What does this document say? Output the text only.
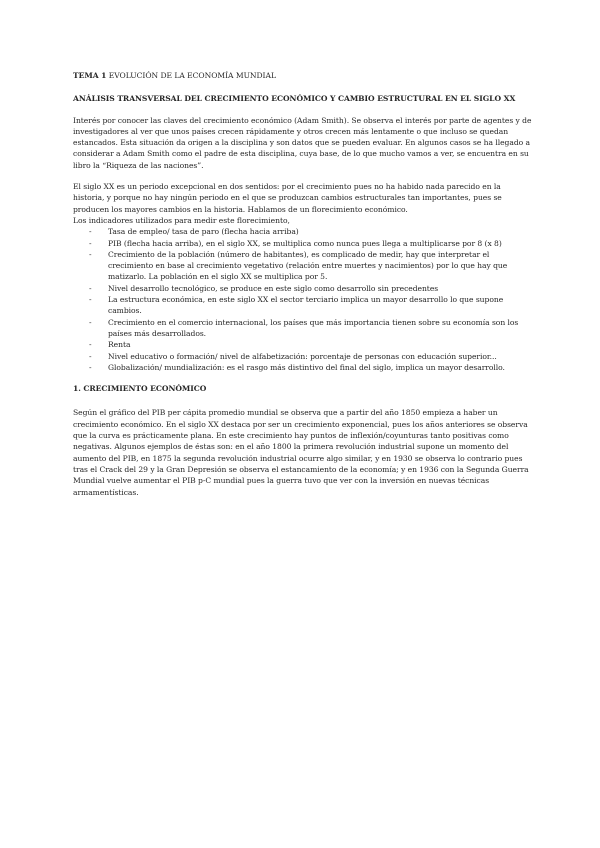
TEMA 1 EVOLUCIÓN DE LA ECONOMÍA MUNDIAL

ANÁLISIS TRANSVERSAL DEL CRECIMIENTO ECONÓMICO Y CAMBIO ESTRUCTURAL EN EL SIGLO XX

Interés por conocer las claves del crecimiento económico (Adam Smith). Se observa el interés por parte de agentes y de investigadores al ver que unos países crecen rápidamente y otros crecen más lentamente o que incluso se quedan estancados. Esta situación da origen a la disciplina y son datos que se pueden evaluar. En algunos casos se ha llegado a considerar a Adam Smith como el padre de esta disciplina, cuya base, de lo que mucho vamos a ver, se encuentra en su libro la “Riqueza de las naciones”.

El siglo XX es un periodo excepcional en dos sentidos: por el crecimiento pues no ha habido nada parecido en la historia, y porque no hay ningún periodo en el que se produzcan cambios estructurales tan importantes, pues se producen los mayores cambios en la historia. Hablamos de un florecimiento económico.

Los indicadores utilizados para medir este florecimiento,

- Tasa de empleo/ tasa de paro (flecha hacia arriba)
- PIB (flecha hacia arriba), en el siglo XX, se multiplica como nunca pues llega a multiplicarse por 8 (x 8)
- Crecimiento de la población (número de habitantes), es complicado de medir, hay que interpretar el crecimiento en base al crecimiento vegetativo (relación entre muertes y nacimientos) por lo que hay que matizarlo. La población en el siglo XX se multiplica por 5.
- Nivel desarrollo tecnológico, se produce en este siglo como desarrollo sin precedentes
- La estructura económica, en este siglo XX el sector terciario implica un mayor desarrollo lo que supone cambios.
- Crecimiento en el comercio internacional, los países que más importancia tienen sobre su economía son los países más desarrollados.
- Renta
- Nivel educativo o formación/ nivel de alfabetización: porcentaje de personas con educación superior...
- Globalización/ mundialización: es el rasgo más distintivo del final del siglo, implica un mayor desarrollo.

1. CRECIMIENTO ECONÓMICO

Según el gráfico del PIB per cápita promedio mundial se observa que a partir del año 1850 empieza a haber un crecimiento económico. En el siglo XX destaca por ser un crecimiento exponencial, pues los años anteriores se observa que la curva es prácticamente plana. En este crecimiento hay puntos de inflexión/coyunturas tanto positivas como negativas. Algunos ejemplos de éstas son: en el año 1800 la primera revolución industrial supone un momento del aumento del PIB, en 1875 la segunda revolución industrial ocurre algo similar, y en 1930 se observa lo contrario pues tras el Crack del 29 y la Gran Depresión se observa el estancamiento de la economía; y en 1936 con la Segunda Guerra Mundial vuelve aumentar el PIB p-C mundial pues la guerra tuvo que ver con la inversión en nuevas técnicas armamentísticas.
